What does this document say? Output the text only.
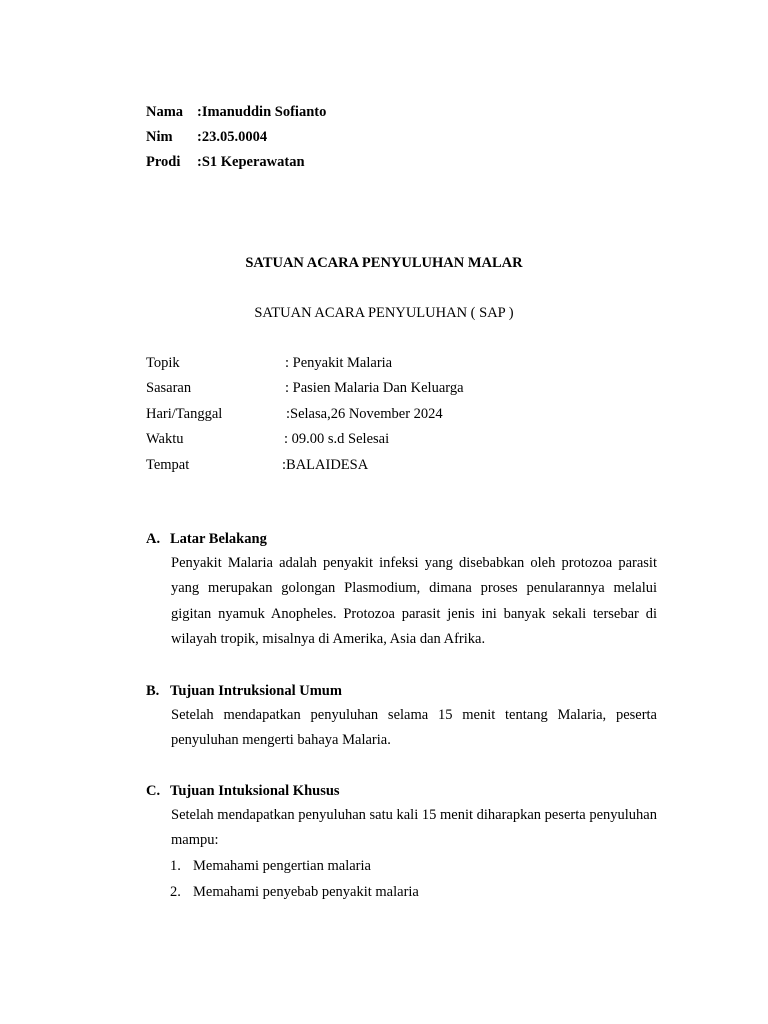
Nama :Imanuddin Sofianto
Nim :23.05.0004
Prodi :S1 Keperawatan
SATUAN ACARA PENYULUHAN MALAR
SATUAN ACARA PENYULUHAN ( SAP )
Topik	: Penyakit Malaria
Sasaran	: Pasien Malaria Dan Keluarga
Hari/Tanggal	:Selasa,26 November 2024
Waktu	: 09.00 s.d Selesai
Tempat	:BALAIDESA
A. Latar Belakang
Penyakit Malaria adalah penyakit infeksi yang disebabkan oleh protozoa parasit yang merupakan golongan Plasmodium, dimana proses penularannya melalui gigitan nyamuk Anopheles. Protozoa parasit jenis ini banyak sekali tersebar di wilayah tropik, misalnya di Amerika, Asia dan Afrika.
B. Tujuan Intruksional Umum
Setelah mendapatkan penyuluhan selama 15 menit tentang Malaria, peserta penyuluhan mengerti bahaya Malaria.
C. Tujuan Intuksional Khusus
Setelah mendapatkan penyuluhan satu kali 15 menit diharapkan peserta penyuluhan mampu:
1. Memahami pengertian malaria
2. Memahami penyebab penyakit malaria
